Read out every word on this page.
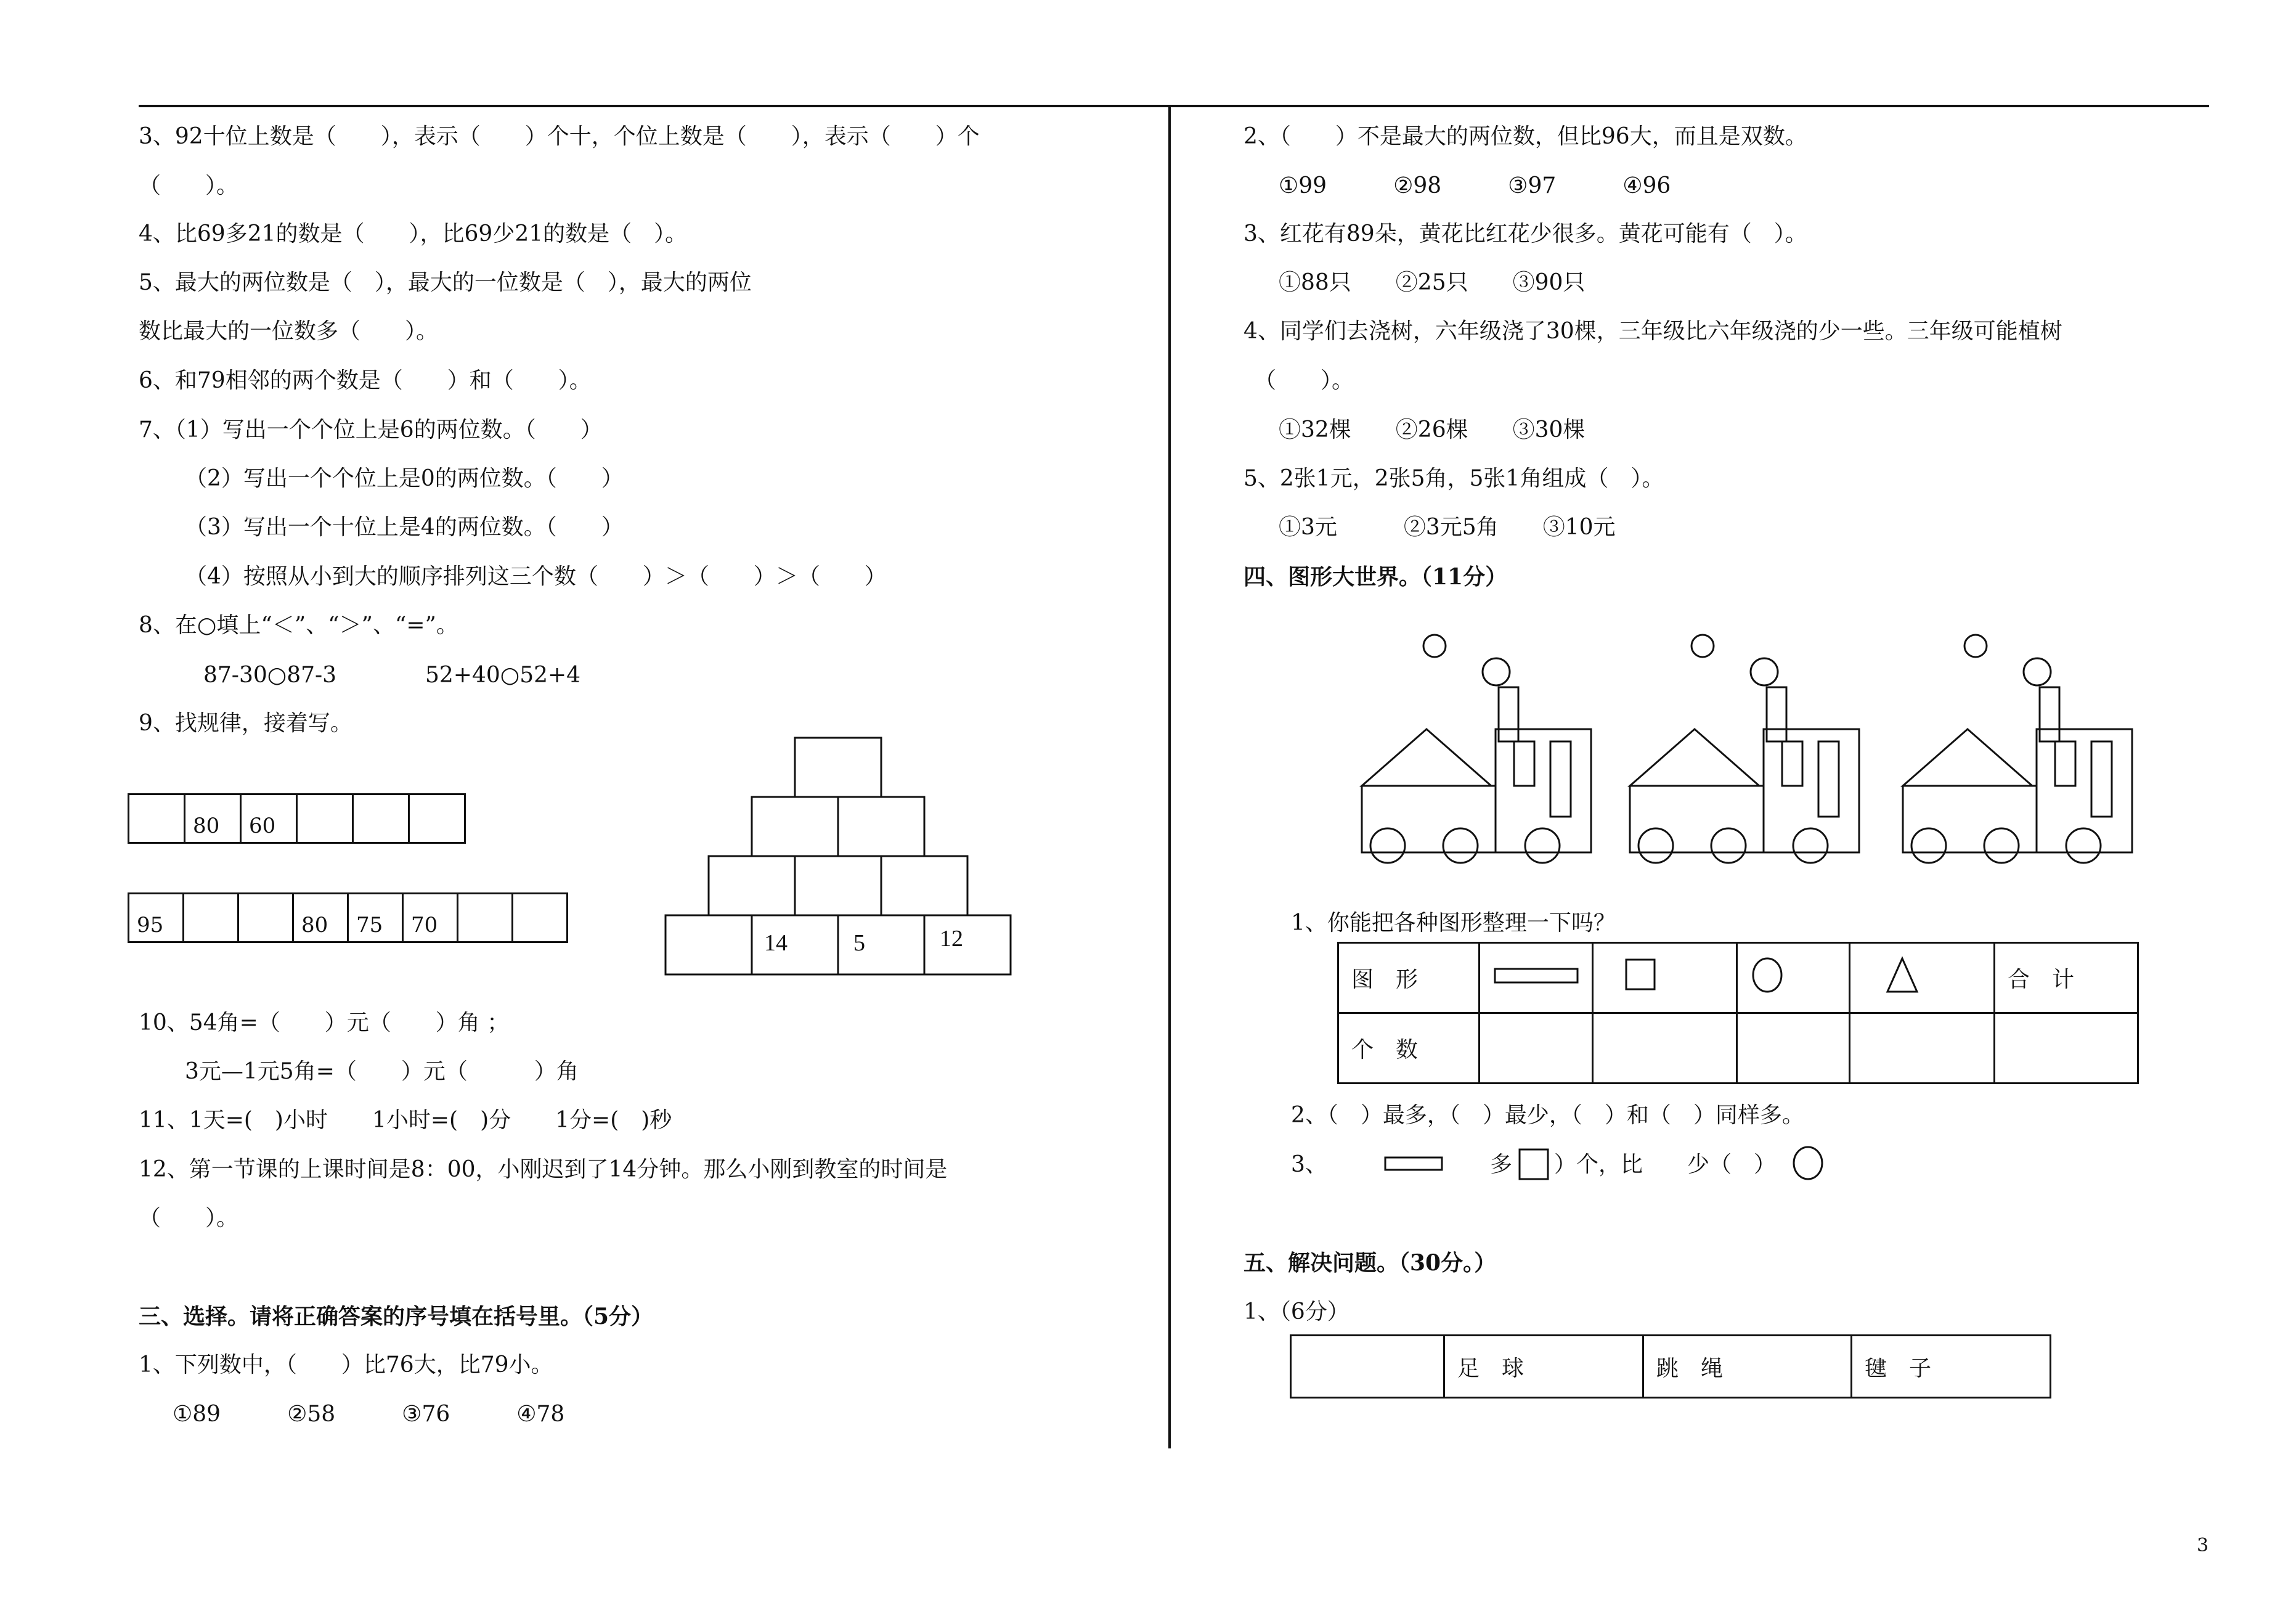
3、92十位上数是（　　），表示（　　）个十，个位上数是（　　），表示（　　）个
（　　）。
4、比69多21的数是（　　），比69少21的数是（　）。
5、最大的两位数是（　），最大的一位数是（　），最大的两位
数比最大的一位数多（　　）。
6、和79相邻的两个数是（　　）和（　　）。
7、（1）写出一个个位上是6的两位数。（　　）
（2）写出一个个位上是0的两位数。（　　）
（3）写出一个十位上是4的两位数。（　　）
（4）按照从小到大的顺序排列这三个数（　　）＞（　　）＞（　　）
8、在○填上“＜”、“＞”、“=”。
87-30○87-3	52+40○52+4
9、找规律，接着写。
80	60
95	80	75	70
14	5	12
10、54角=（　　）元（　　）角 ；
3元—1元5角=（　　）元（　　　）角
11、1天=(　)小时　　1小时=(　)分　　1分=(　)秒
12、第一节课的上课时间是8：00，小刚迟到了14分钟。那么小刚到教室的时间是
（　　）。
三、选择。请将正确答案的序号填在括号里。（5分）
1、下列数中，（　　）比76大，比79小。
①89　　　②58　　　③76　　　④78
2、（　　）不是最大的两位数，但比96大，而且是双数。
①99　　　②98　　　③97　　　④96
3、红花有89朵，黄花比红花少很多。黄花可能有（　）。
①88只　　②25只　　③90只
4、同学们去浇树，六年级浇了30棵，三年级比六年级浇的少一些。三年级可能植树
（　　）。
①32棵　　②26棵　　③30棵
5、2张1元，2张5角，5张1角组成（　）。
①3元　　　②3元5角　　③10元
四、图形大世界。（11分）
1、你能把各种图形整理一下吗？
图　形					合　计
个　数					
2、（　）最多，（　）最少，（　）和（　）同样多。
3、	多 ）个，比 少（　）
五、解决问题。（30分。）
1、（6分）
	足　球	跳　绳	毽　子
3
